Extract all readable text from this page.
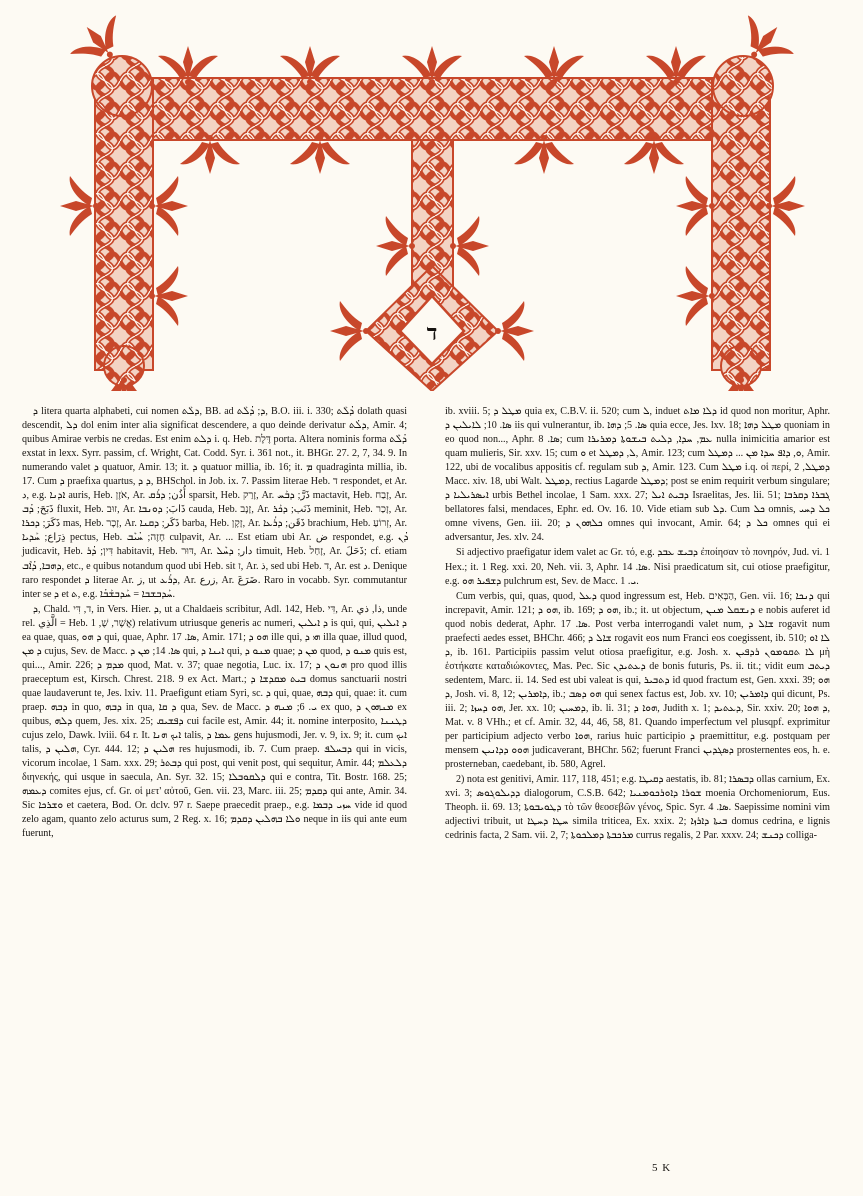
ד

ܕ litera quarta alphabeti, cui nomen ܕܠܰܬ, BB. ad ܕ; ܕܳܠܰܬ, B.O. iii. i. 330; ܕܳܠܰܬ dolath quasi descendit, ܕܠ dol enim inter alia significat descendere, a quo deinde derivatur ܕܠܳܬ, Amir. 4; quibus Amirae verbis ne credas. Est enim ܕܠܬ i. q. Heb. דֶּלֶת porta. Altera nominis forma ܕܳܠܶܬ exstat in lexx. Syrr. passim, cf. Wright, Cat. Codd. Syr. i. 361 not., it. BHGr. 27. 2, 7, 34. 9. In numerando valet ܕ quatuor, Amir. 13; it. ܕ quatuor millia, ib. 16; it. ܡ quadraginta millia, ib. 17. Cum ܕ praefixa quartus, ܕ ܕ, BHSchol. in Job. ix. 7. Passim literae Heb. ד respondet, et Ar. د, e.g. ܐܕܢܐ auris, Heb. אֹזֶן, Ar. أُذُن; ܕܪܰܩ sparsit, Heb. זָרַק, Ar. ذَرَّ; ܕܒܰܚ mactavit, Heb. זָבַח, Ar. ذَبَحَ; ܕܳܒ fluxit, Heb. זוּב, Ar. ذَابَ; ܕܘܢܒܐ cauda, Heb. זָנָב, Ar. ذَنَب; ܕܟܰܪ meminit, Heb. זָכַר, Ar. ذَكَرَ; ܕܟܪܐ mas, Heb. זָכָר, Ar. ذَكَر; ܕܩܢܐ barba, Heb. זָקָן, Ar. ذَقَن; ܕܪܳܥܐ brachium, Heb. זְרוֹעַ, Ar. ذِرَاع; ܚܰܕܝܐ pectus, Heb. חָזֶה; ܚܳܝܶܒ culpavit, Ar. ... Est etiam ubi Ar. ض respondet, e.g. ܕܳܢ judicavit, Heb. דִּין; ܕܳܪ habitavit, Heb. דּוּר, Ar. دار; ܕܚܶܠ timuit, Heb. זָחַל, Ar. ذَحَلَ; cf. etiam ܕܗܒܐ, ܕܳܐܶܒ, etc., e quibus notandum quod ubi Heb. sit ז, Ar. ذ, sed ubi Heb. ד, Ar. est د. Denique raro respondet ܕ literae Ar. ز, ut ܕܪܰܥ, Ar. زرع, Ar. ضَرَعَ. Raro in vocabb. Syr. commutantur inter se ܕ et ܬ, e.g. ܚܰܕܒܫܒܐ = ܚܰܕܒܫܰܒܳܐ.

ܕ, Chald. ד, דִּי, in Vers. Hier. ܕ, ut a Chaldaeis scribitur, Adl. 142, Heb. דִּי, Ar. ذا, ذي, unde rel. الَّذِي = Heb. אֲשֶׁר, שֶׁ, 1) relativum utriusque generis ac numeri, ܕ ܐܝܠܝܢ is qui, qui, ܕ ܐܝܠܝܢ ea quae, quas, ܕ ܗܘ qui, quae, Aphr. ܣܐ. 17, Amir. 171; ܗܘ ܕ ille qui, ܗܝ ܕ illa quae, illud quod, ܕ ܡܢ cujus, Sev. de Macc. ܣܐ. 14; ܡܢ ܕ qui, ܐܝܢܐ ܕ qui, ܡܢܘ ܕ quae; ܡܢ ܕ quod, ܡܢܘ ܕ quis est, qui..., Amir. 226; ܡܕܡ ܕ quod, Mat. v. 37; quae negotia, Luc. ix. 17; ܗܢܘܢ ܕ pro quod illis praeceptum est, Kirsch. Chrest. 218. 9 ex Act. Mart.; ܒܝܬ ܡܩܕܫܐ ܕ domus sanctuarii nostri quae laudaverunt te, Jes. lxiv. 11. Praefigunt etiam Syri, sc. ܕ qui, quae, ܕܒܗ qui, quae: it. cum praep. ܕܒܗ in quo, ܕܒܗ in qua, ܕ ܩܐ qua, Sev. de Macc. ܝ. 6; ܡܢܗ ܕ ex quo, ܡܢܗܘܢ ܕ ex quibus, ܕܠܗ quem, Jes. xix. 25; ܕܦܫܝܩ cui facile est, Amir. 44; it. nomine interposito, ܕܛܢܢܐ cujus zelo, Dawk. lviii. 64 r. It. ܐܝܟ ܗܢܐ talis, ܥܡܐ ܕ gens hujusmodi, Jer. v. 9, ix. 9; it. cum ܐܝܟ talis, ܗܠܝܢ ܕ, Cyr. 444. 12; ܗܠܝܢ ܕ res hujusmodi, ib. 7. Cum praep. ܕܒܚܠܦ qui in vicis, vicorum incolae, 1 Sam. xxx. 29; ܕܒܬܪ qui post, qui venit post, qui sequitur, Amir. 44; ܕܠܥܠܡ διηνεκής, qui usque in saecula, An. Syr. 32. 15; ܕܠܩܘܒܠܐ qui e contra, Tit. Bostr. 168. 25; ܕܥܡܗ comites ejus, cf. Gr. οἱ μετ' αὐτοῦ, Gen. vii. 23, Marc. iii. 25; ܕܩܕܡ qui ante, Amir. 34. Sic ܘܫܪܟܐ et caetera, Bod. Or. dclv. 97 r. Saepe praecedit praep., e.g. ܚܙܝ ܕܒܡܐ vide id quod zelo agam, quanto zelo acturus sum, 2 Reg. x. 16; ܘܠܐ ܒܗܠܝܢ ܕܩܕܡ neque in iis qui ante eum fuerunt,

ib. xviii. 5; ܡܛܠ ܕ quia ex, C.B.V. ii. 520; cum ܠ, induet ܕܠܐ ܡܐܬ id quod non moritur, Aphr. ܣܐ. 10; ܠܐܝܠܝܢ ܕ iis qui vulnerantur, ib. ܣܐ. 5; ܕܗܐ quia ecce, Jes. lxv. 18; ܡܛܠ ܕܗܐ quoniam in eo quod non..., Aphr. ܣܐ. 8; cum ܥܡ, ܚܕܐ, ܕܠܝܬ ܒܝܫܘܬܐ ܕܡܪܝܪܐ nulla inimicitia amarior est quam mulieris, Sir. xxv. 15; cum ܘ et ܠ, ܕܡܛܠ, Amir. 123; cum ܘ, ܕܐܦ ܚܕܐ ܡܢ ... ܕܡܛܠ, Amir. 122, ubi de vocalibus appositis cf. regulam sub ܕ, Amir. 123. Cum ܡܛܠ i.q. οἱ περί, ܕܡܛܠ, 2 Macc. xiv. 18, ubi Walt. ܕܡܛܠ, rectius Lagarde ܕܡܛܠ; post se enim requirit verbum singulare; ܐܝܣܪܝܠܝܐ ܕ urbis Bethel incolae, 1 Sam. xxx. 27; ܕܒܝܬ ܐܝܠ Israelitas, Jes. lii. 51; ܓܒܪܐ ܕܩܪܒܐ bellatores falsi, mendaces, Ephr. ed. Ov. 16. 10. Vide etiam sub ܕܠ. Cum ܟܠ omnis, ܟܠ ܕܚܝ omne vivens, Gen. iii. 20; ܟܠܗܘܢ ܕ omnes qui invocant, Amir. 64; ܟܠ ܕ omnes qui ei adversantur, Jes. xlv. 24.

Si adjectivo praefigatur idem valet ac Gr. τό, e.g. ܕܒܝܫ ܥܒܕ ἐποίησαν τὸ πονηρόν, Jud. vi. 1 Hex.; it. 1 Reg. xxi. 20, Neh. vii. 3, Aphr. ܣܐ. 14. Nisi praedicatum sit, cui otiose praefigitur, e.g. ܕܫܦܝܪ ܗܘ pulchrum est, Sev. de Macc. ܝ. 1.

Cum verbis, qui, quas, quod, ܕܥܠ quod ingressum est, Heb. הַבָּאִים, Gen. vii. 16; ܕܢܟܐ qui increpavit, Amir. 121; ܗܘ ܕ, ib. 169; ܗܘ ܕ, ib.; it. ut objectum, ܕܢܫܩܠ ܡܢܢ e nobis auferet id quod nobis dederat, Aphr. ܣܐ. 17. Post verba interrogandi valet num, ܫܐܠ ܕ rogavit num praefecti aedes esset, BHChr. 466; ܫܐܠ ܕ rogavit eos num Franci eos coegissent, ib. 510; ܠܐ ܐܘ ܕ, ib. 161. Participiis passim velut otiosa praefigitur, e.g. Josh. x. ܠܐ ܬܩܘܡܘܢ ܪܕܦܝܢ μὴ ἑστήκατε καταδιώκοντες, Mas. Pec. Sic ܕܥܬܝܕܢ de bonis futuris, Ps. ii. tit.; vidit eum ܕܝܬܒ sedentem, Marc. ii. 14. Sed est ubi valeat is qui, ܕܬܒܝܪ id quod fractum est, Gen. xxxi. 39; ܗܘ ܕ, Josh. vi. 8, 12; ܕܐܡܪܝܢ, ib.; ܗܘ ܕܣܒ qui senex factus est, Job. xv. 10; ܕܐܡܪܝܢ qui dicunt, Ps. iii. 2; ܗܘ ܕܚܙܐ, Jer. xx. 10; ܕܡܚܝܢ, ib. li. 31; ܗܘܐ ܕ, Judith x. 1; ܕܥܬܝܕ, Sir. xxiv. 20; ܕ ܗܘܐ, Mat. v. 8 VHh.; et cf. Amir. 32, 44, 46, 58, 81. Quando imperfectum vel plusqpf. exprimitur per participium adjecto verbo ܗܘܐ, rarius huic participio ܕ praemittitur, e.g. postquam per mensem ܗܘܘ ܕܕܐܢܝܢ judicaverant, BHChr. 562; fuerunt Franci ܕܣܓܕܝܢ prosternentes eos, h. e. prosterneban, caedebant, ib. 580, Agrel.

2) nota est genitivi, Amir. 117, 118, 451; e.g. ܕܩܝܛܐ aestatis, ib. 81; ܕܒܣܪܐ ollas carnium, Ex. xvi. 3; ܕܕܝܠܘܓܘܣ dialogorum, C.S.B. 642; ܫܘܪܐ ܕܐܘܪܟܘܡܢܝܐ moenia Orchomeniorum, Eus. Theoph. ii. 69. 13; ܕܛܘܝܒܘܬܐ τὸ τῶν θεοσεβῶν γένος, Spic. Syr. ܣܐ. 4. Saepissime nomini vim adjectivi tribuit, ut ܚܛܐ ܕܚܛܐ simila triticea, Ex. xxix. 2; ܒܝܬܐ ܕܐܪܙܐ domus cedrina, e lignis cedrinis facta, 2 Sam. vii. 2, 7; ܡܪܟܒܬܐ ܕܡܠܟܘܬܐ currus regalis, 2 Par. xxxv. 24; ܕܟܢܫ colliga-

5 K
